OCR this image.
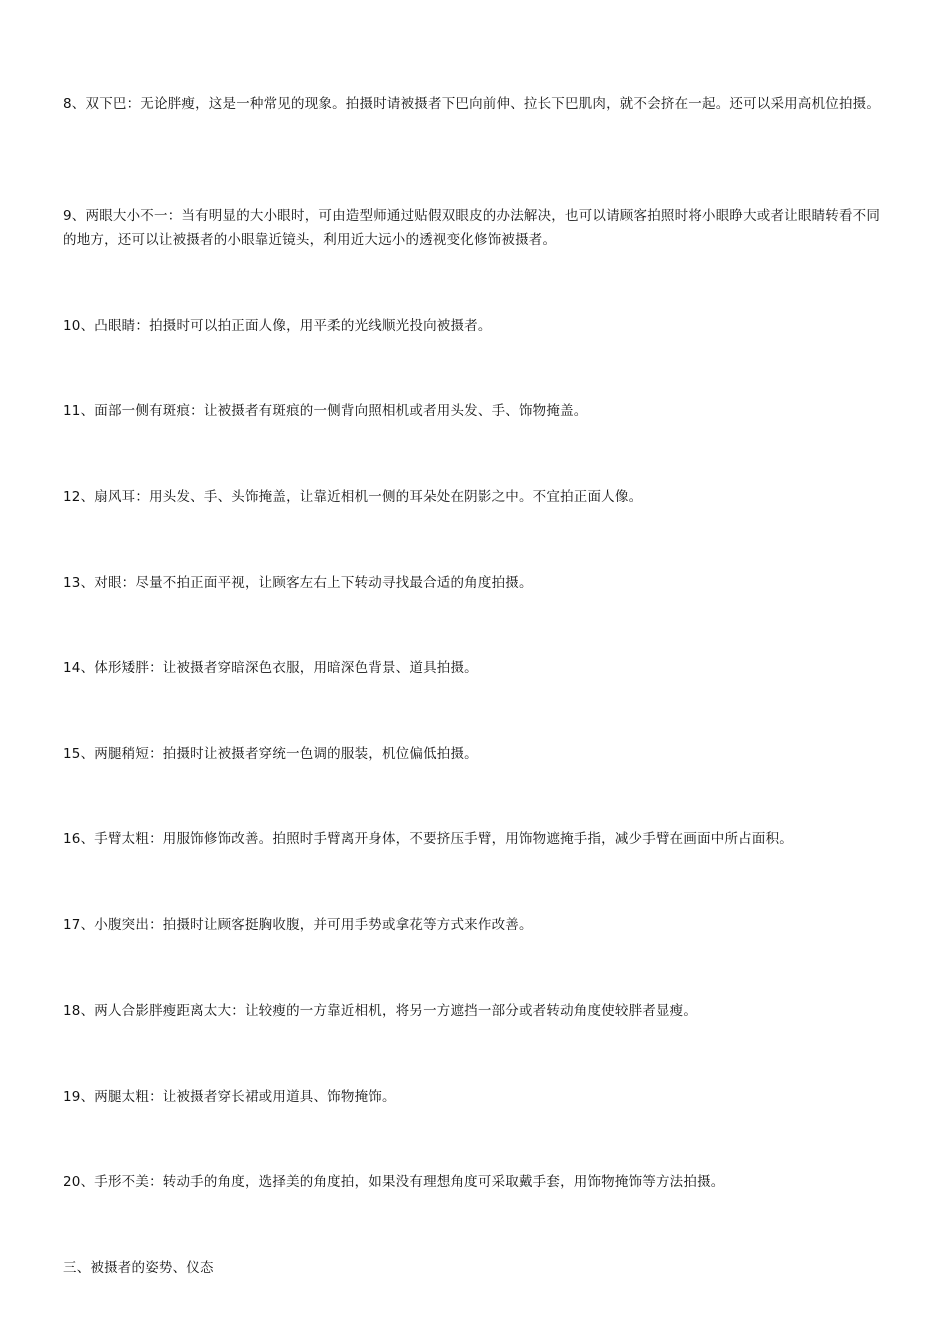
8、双下巴：无论胖瘦，这是一种常见的现象。拍摄时请被摄者下巴向前伸、拉长下巴肌肉，就不会挤在一起。还可以采用高机位拍摄。

9、两眼大小不一：当有明显的大小眼时，可由造型师通过贴假双眼皮的办法解决，也可以请顾客拍照时将小眼睁大或者让眼睛转看不同的地方，还可以让被摄者的小眼靠近镜头，利用近大远小的透视变化修饰被摄者。

10、凸眼睛：拍摄时可以拍正面人像，用平柔的光线顺光投向被摄者。

11、面部一侧有斑痕：让被摄者有斑痕的一侧背向照相机或者用头发、手、饰物掩盖。

12、扇风耳：用头发、手、头饰掩盖，让靠近相机一侧的耳朵处在阴影之中。不宜拍正面人像。

13、对眼：尽量不拍正面平视，让顾客左右上下转动寻找最合适的角度拍摄。

14、体形矮胖：让被摄者穿暗深色衣服，用暗深色背景、道具拍摄。

15、两腿稍短：拍摄时让被摄者穿统一色调的服装，机位偏低拍摄。

16、手臂太粗：用服饰修饰改善。拍照时手臂离开身体，不要挤压手臂，用饰物遮掩手指，减少手臂在画面中所占面积。

17、小腹突出：拍摄时让顾客挺胸收腹，并可用手势或拿花等方式来作改善。

18、两人合影胖瘦距离太大：让较瘦的一方靠近相机，将另一方遮挡一部分或者转动角度使较胖者显瘦。

19、两腿太粗：让被摄者穿长裙或用道具、饰物掩饰。

20、手形不美：转动手的角度，选择美的角度拍，如果没有理想角度可采取戴手套，用饰物掩饰等方法拍摄。

三、被摄者的姿势、仪态
